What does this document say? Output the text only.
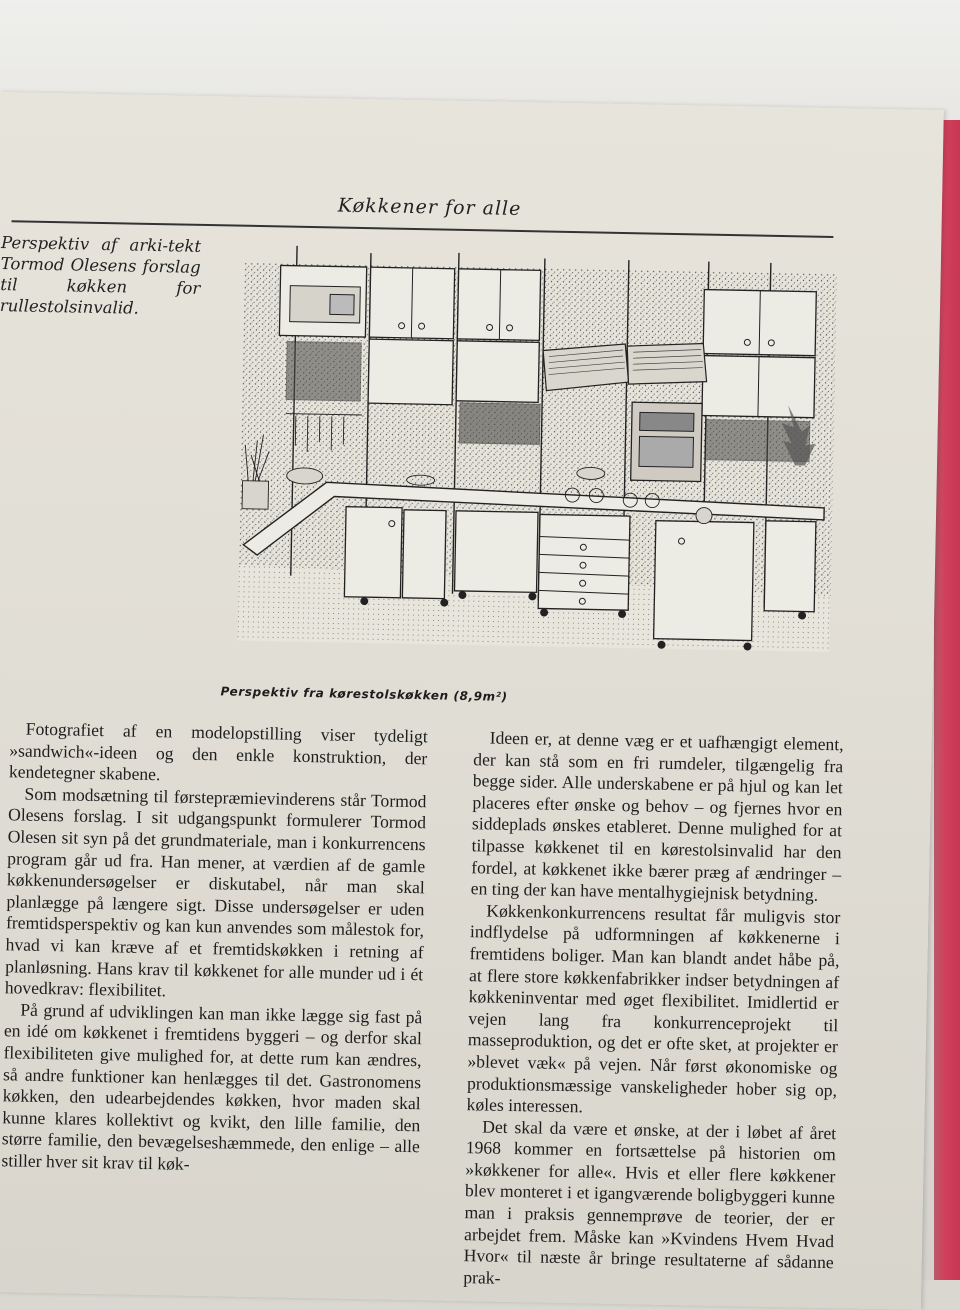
Køkkener for alle
Perspektiv af arki-tekt Tormod Olesens forslag til køkken for rullestolsinvalid.
Perspektiv fra kørestolskøkken (8,9m²)

Fotografiet af en modelopstilling viser tydeligt »sandwich«-ideen og den enkle konstruktion, der kendetegner skabene.

Som modsætning til førstepræmievinderens står Tormod Olesens forslag. I sit udgangspunkt formulerer Tormod Olesen sit syn på det grundmateriale, man i konkurrencens program går ud fra. Han mener, at værdien af de gamle køkkenundersøgelser er diskutabel, når man skal planlægge på længere sigt. Disse undersøgelser er uden fremtidsperspektiv og kan kun anvendes som målestok for, hvad vi kan kræve af et fremtidskøkken i retning af planløsning. Hans krav til køkkenet for alle munder ud i ét hovedkrav: flexibilitet.

På grund af udviklingen kan man ikke lægge sig fast på en idé om køkkenet i fremtidens byggeri – og derfor skal flexibiliteten give mulighed for, at dette rum kan ændres, så andre funktioner kan henlægges til det. Gastronomens køkken, den udearbejdendes køkken, hvor maden skal kunne klares kollektivt og kvikt, den lille familie, den større familie, den bevægelseshæmmede, den enlige – alle stiller hver sit krav til køk-

Ideen er, at denne væg er et uafhængigt element, der kan stå som en fri rumdeler, tilgængelig fra begge sider. Alle underskabene er på hjul og kan let placeres efter ønske og behov – og fjernes hvor en siddeplads ønskes etableret. Denne mulighed for at tilpasse køkkenet til en kørestolsinvalid har den fordel, at køkkenet ikke bærer præg af ændringer – en ting der kan have mentalhygiejnisk betydning.

Køkkenkonkurrencens resultat får muligvis stor indflydelse på udformningen af køkkenerne i fremtidens boliger. Man kan blandt andet håbe på, at flere store køkkenfabrikker indser betydningen af køkkeninventar med øget flexibilitet. Imidlertid er vejen lang fra konkurrenceprojekt til masseproduktion, og det er ofte sket, at projekter er »blevet væk« på vejen. Når først økonomiske og produktionsmæssige vanskeligheder hober sig op, køles interessen.

Det skal da være et ønske, at der i løbet af året 1968 kommer en fortsættelse på historien om »køkkener for alle«. Hvis et eller flere køkkener blev monteret i et igangværende boligbyggeri kunne man i praksis gennemprøve de teorier, der er arbejdet frem. Måske kan »Kvindens Hvem Hvad Hvor« til næste år bringe resultaterne af sådanne prak-
